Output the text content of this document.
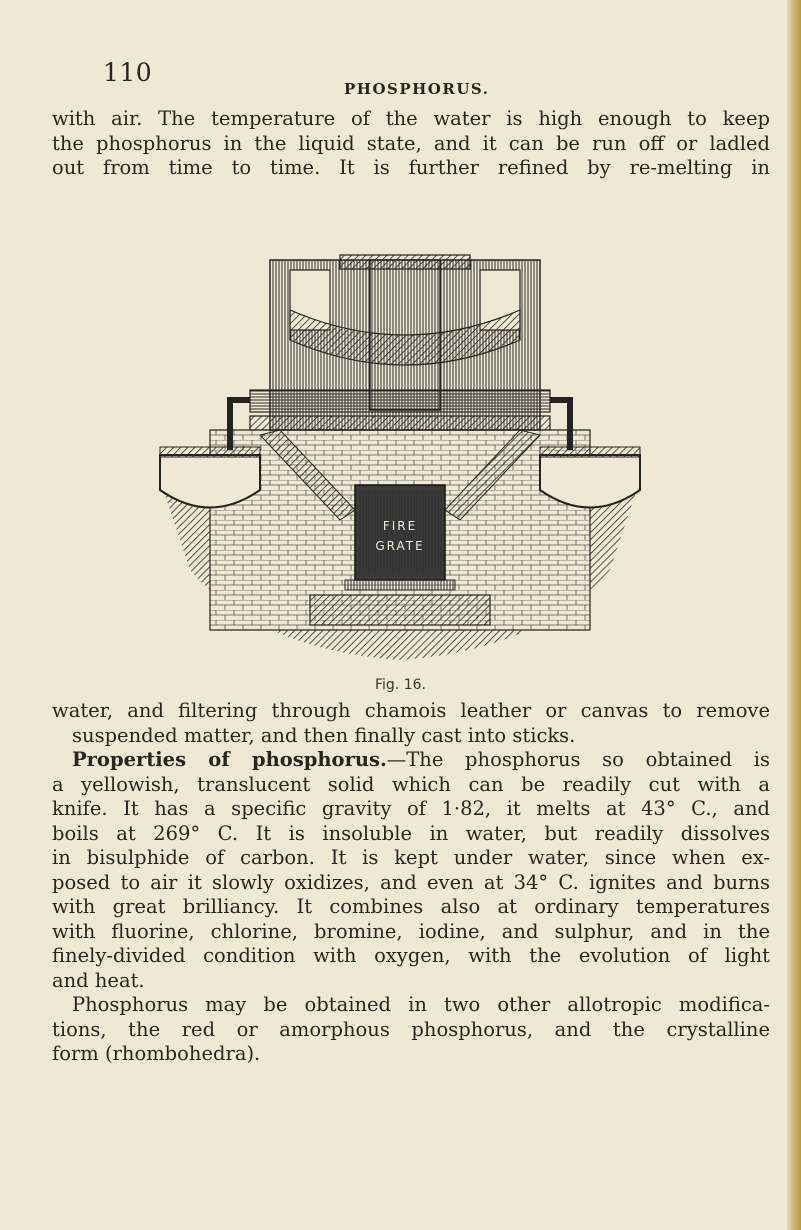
110
PHOSPHORUS.

with air. The temperature of the water is high enough to keep
the phosphorus in the liquid state, and it can be run off or ladled
out from time to time. It is further refined by re-melting in

FIRE
GRATE
Fig. 16.
water, and filtering through chamois leather or canvas to remove
suspended matter, and then finally cast into sticks.
Properties of phosphorus.—The phosphorus so obtained is
a yellowish, translucent solid which can be readily cut with a
knife. It has a specific gravity of 1·82, it melts at 43° C., and
boils at 269° C. It is insoluble in water, but readily dissolves
in bisulphide of carbon. It is kept under water, since when ex-
posed to air it slowly oxidizes, and even at 34° C. ignites and burns
with great brilliancy. It combines also at ordinary temperatures
with fluorine, chlorine, bromine, iodine, and sulphur, and in the
finely-divided condition with oxygen, with the evolution of light
and heat.
Phosphorus may be obtained in two other allotropic modifica-
tions, the red or amorphous phosphorus, and the crystalline
form (rhombohedra).
